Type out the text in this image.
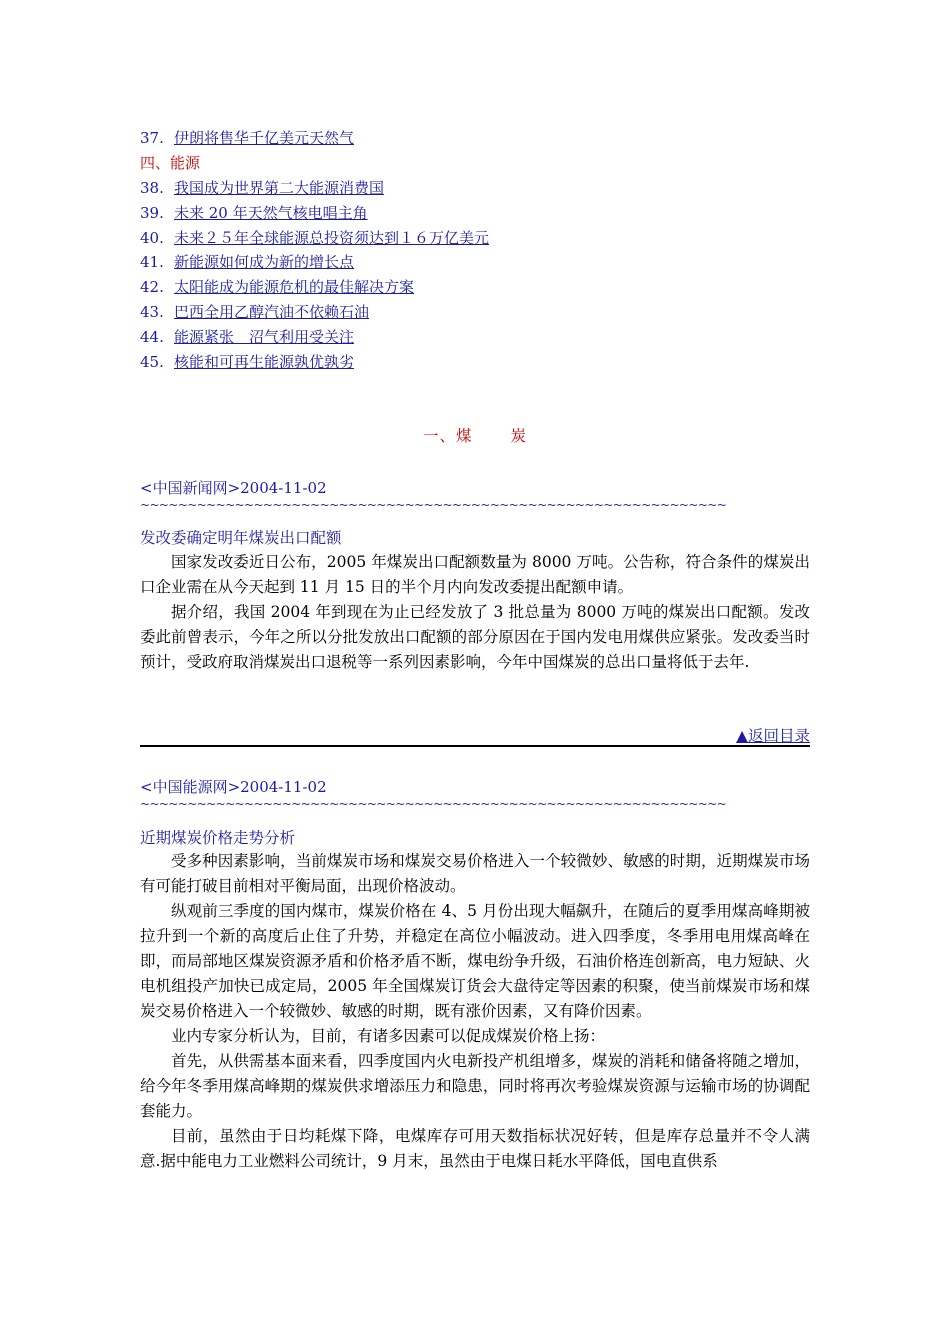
37. 伊朗将售华千亿美元天然气
四、能源
38. 我国成为世界第二大能源消费国
39. 未来 20 年天然气核电唱主角
40. 未来２５年全球能源总投资须达到１６万亿美元
41. 新能源如何成为新的增长点
42. 太阳能成为能源危机的最佳解决方案
43. 巴西全用乙醇汽油不依赖石油
44. 能源紧张　沼气利用受关注
45. 核能和可再生能源孰优孰劣
一、煤 炭
<中国新闻网>2004-11-02
~~~~~~~~~~~~~~~~~~~~~~~~~~~~~~~~~~~~~~~~~~~~~~~~~~~~~~~~~~~~~~
发改委确定明年煤炭出口配额

国家发改委近日公布，2005 年煤炭出口配额数量为 8000 万吨。公告称，符合条件的煤炭出口企业需在从今天起到 11 月 15 日的半个月内向发改委提出配额申请。

据介绍，我国 2004 年到现在为止已经发放了 3 批总量为 8000 万吨的煤炭出口配额。发改委此前曾表示，今年之所以分批发放出口配额的部分原因在于国内发电用煤供应紧张。发改委当时预计，受政府取消煤炭出口退税等一系列因素影响，今年中国煤炭的总出口量将低于去年.

▲返回目录
<中国能源网>2004-11-02
~~~~~~~~~~~~~~~~~~~~~~~~~~~~~~~~~~~~~~~~~~~~~~~~~~~~~~~~~~~~~~
近期煤炭价格走势分析

受多种因素影响，当前煤炭市场和煤炭交易价格进入一个较微妙、敏感的时期，近期煤炭市场有可能打破目前相对平衡局面，出现价格波动。

纵观前三季度的国内煤市，煤炭价格在 4、5 月份出现大幅飙升，在随后的夏季用煤高峰期被拉升到一个新的高度后止住了升势，并稳定在高位小幅波动。进入四季度，冬季用电用煤高峰在即，而局部地区煤炭资源矛盾和价格矛盾不断，煤电纷争升级，石油价格连创新高，电力短缺、火电机组投产加快已成定局，2005 年全国煤炭订货会大盘待定等因素的积聚，使当前煤炭市场和煤炭交易价格进入一个较微妙、敏感的时期，既有涨价因素，又有降价因素。

业内专家分析认为，目前，有诸多因素可以促成煤炭价格上扬：

首先，从供需基本面来看，四季度国内火电新投产机组增多，煤炭的消耗和储备将随之增加，给今年冬季用煤高峰期的煤炭供求增添压力和隐患，同时将再次考验煤炭资源与运输市场的协调配套能力。

目前，虽然由于日均耗煤下降，电煤库存可用天数指标状况好转，但是库存总量并不令人满意.据中能电力工业燃料公司统计，9 月末，虽然由于电煤日耗水平降低，国电直供系
